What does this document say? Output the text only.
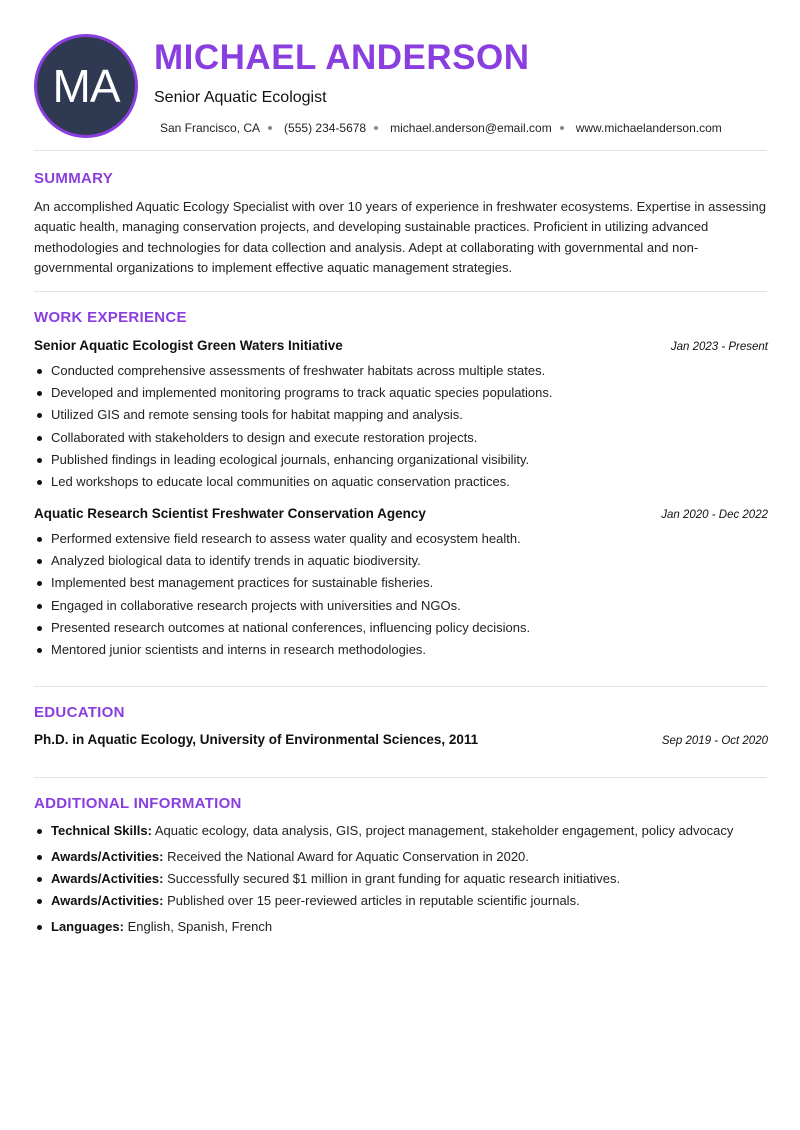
MA
MICHAEL ANDERSON
Senior Aquatic Ecologist
San Francisco, CA (555) 234-5678 michael.anderson@email.com www.michaelanderson.com
SUMMARY

An accomplished Aquatic Ecology Specialist with over 10 years of experience in freshwater ecosystems. Expertise in assessing aquatic health, managing conservation projects, and developing sustainable practices. Proficient in utilizing advanced methodologies and technologies for data collection and analysis. Adept at collaborating with governmental and non-governmental organizations to implement effective aquatic management strategies.

WORK EXPERIENCE
Senior Aquatic Ecologist Green Waters Initiative	Jan 2023 - Present
Conducted comprehensive assessments of freshwater habitats across multiple states.
Developed and implemented monitoring programs to track aquatic species populations.
Utilized GIS and remote sensing tools for habitat mapping and analysis.
Collaborated with stakeholders to design and execute restoration projects.
Published findings in leading ecological journals, enhancing organizational visibility.
Led workshops to educate local communities on aquatic conservation practices.
Aquatic Research Scientist Freshwater Conservation Agency	Jan 2020 - Dec 2022
Performed extensive field research to assess water quality and ecosystem health.
Analyzed biological data to identify trends in aquatic biodiversity.
Implemented best management practices for sustainable fisheries.
Engaged in collaborative research projects with universities and NGOs.
Presented research outcomes at national conferences, influencing policy decisions.
Mentored junior scientists and interns in research methodologies.
EDUCATION
Ph.D. in Aquatic Ecology, University of Environmental Sciences, 2011	Sep 2019 - Oct 2020
ADDITIONAL INFORMATION
Technical Skills: Aquatic ecology, data analysis, GIS, project management, stakeholder engagement, policy advocacy
Awards/Activities: Received the National Award for Aquatic Conservation in 2020.
Awards/Activities: Successfully secured $1 million in grant funding for aquatic research initiatives.
Awards/Activities: Published over 15 peer-reviewed articles in reputable scientific journals.
Languages: English, Spanish, French
